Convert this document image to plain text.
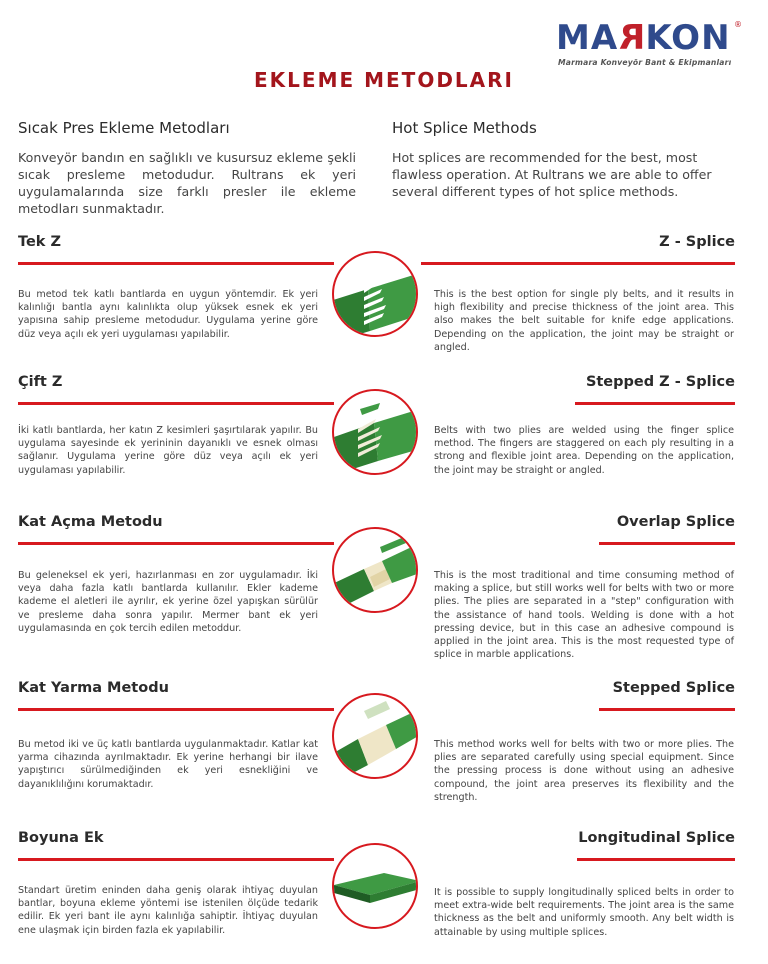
MARKON ®
Marmara Konveyör Bant & Ekipmanları
EKLEME METODLARI
Sıcak Pres Ekleme Metodları
Konveyör bandın en sağlıklı ve kusursuz ekleme şekli sıcak presleme metodudur. Rultrans ek yeri uygulamalarında size farklı presler ile ekleme metodları sunmaktadır.
Hot Splice Methods
Hot splices are recommended for the best, most flawless operation. At Rultrans we are able to offer several different types of hot splice methods.
Tek Z	Z - Splice
Bu metod tek katlı bantlarda en uygun yöntemdir. Ek yeri kalınlığı bantla aynı kalınlıkta olup yüksek esnek ek yeri yapısına sahip presleme metodudur. Uygulama yerine göre düz veya açılı ek yeri uygulaması yapılabilir.
This is the best option for single ply belts, and it results in high flexibility and precise thickness of the joint area. This also makes the belt suitable for knife edge applications. Depending on the application, the joint may be straight or angled.
Çift Z	Stepped Z - Splice
İki katlı bantlarda, her katın Z kesimleri şaşırtılarak yapılır. Bu uygulama sayesinde ek yerininin dayanıklı ve esnek olması sağlanır. Uygulama yerine göre düz veya açılı ek yeri uygulaması yapılabilir.
Belts with two plies are welded using the finger splice method. The fingers are staggered on each ply resulting in a strong and flexible joint area. Depending on the application, the joint may be straight or angled.
Kat Açma Metodu	Overlap Splice
Bu geleneksel ek yeri, hazırlanması en zor uygulamadır. İki veya daha fazla katlı bantlarda kullanılır. Ekler kademe kademe el aletleri ile ayrılır, ek yerine özel yapışkan sürülür ve presleme daha sonra yapılır. Mermer bant ek yeri uygulamasında en çok tercih edilen metoddur.
This is the most traditional and time consuming method of making a splice, but still works well for belts with two or more plies. The plies are separated in a "step" configuration with the assistance of hand tools. Welding is done with a hot pressing device, but in this case an adhesive compound is applied in the joint area. This is the most requested type of splice in marble applications.
Kat Yarma Metodu	Stepped Splice
Bu metod iki ve üç katlı bantlarda uygulanmaktadır. Katlar kat yarma cihazında ayrılmaktadır. Ek yerine herhangi bir ilave yapıştırıcı sürülmediğinden ek yeri esnekliğini ve dayanıklılığını korumaktadır.
This method works well for belts with two or more plies. The plies are separated carefully using special equipment. Since the pressing process is done without using an adhesive compound, the joint area preserves its flexibility and the strength.
Boyuna Ek	Longitudinal Splice
Standart üretim eninden daha geniş olarak ihtiyaç duyulan bantlar, boyuna ekleme yöntemi ise istenilen ölçüde tedarik edilir. Ek yeri bant ile aynı kalınlığa sahiptir. İhtiyaç duyulan ene ulaşmak için birden fazla ek yapılabilir.
It is possible to supply longitudinally spliced belts in order to meet extra-wide belt requirements. The joint area is the same thickness as the belt and uniformly smooth. Any belt width is attainable by using multiple splices.
